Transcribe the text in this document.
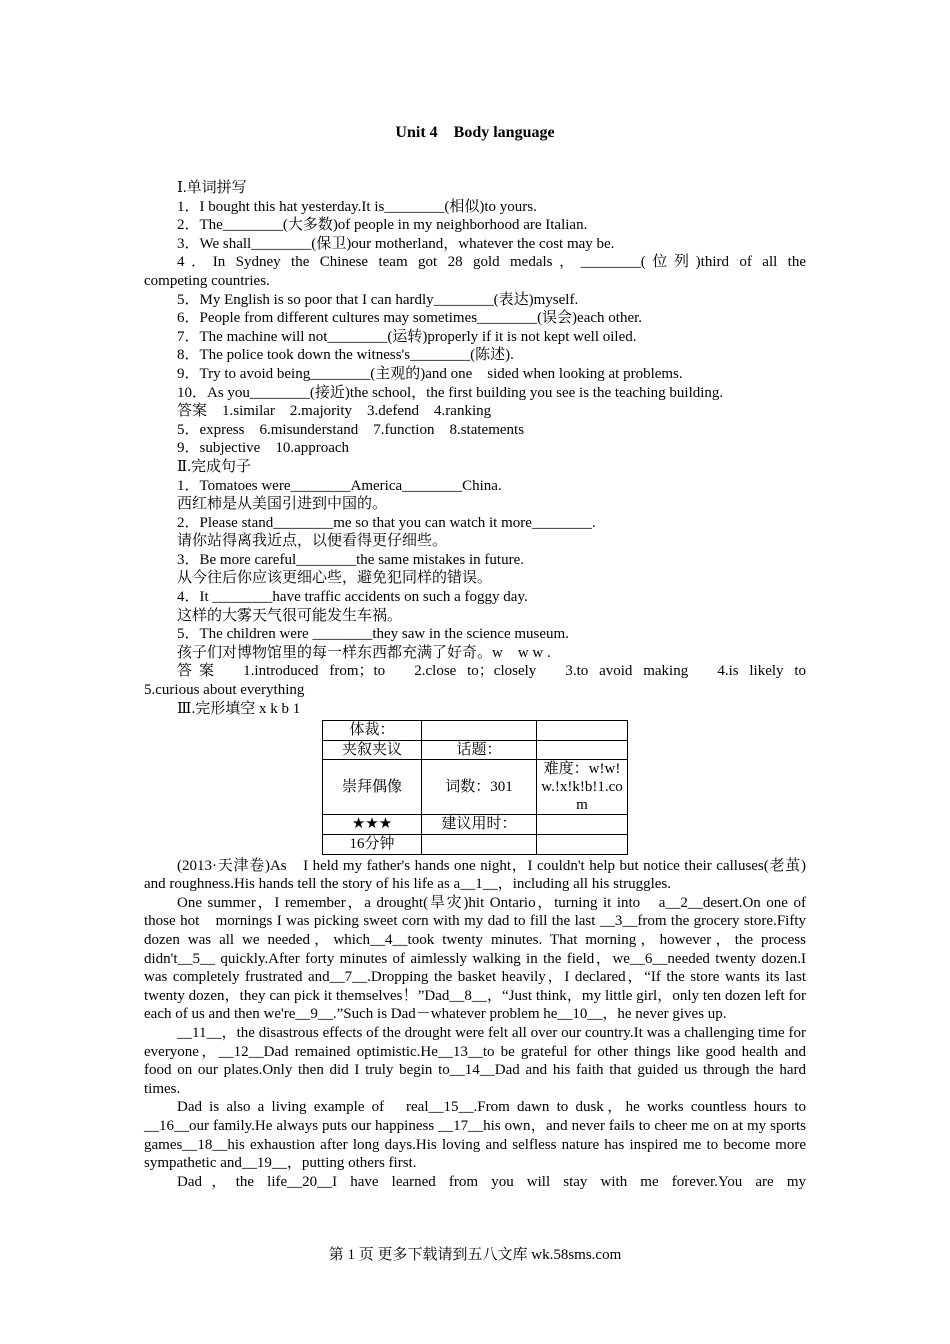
Unit 4　Body language
Ⅰ.单词拼写
1．I bought this hat yesterday.It is________(相似)to yours.
2．The________(大多数)of people in my neighborhood are Italian.
3．We shall________(保卫)our motherland，whatever the cost may be.
4．In Sydney the Chinese team got 28 gold medals，________(位列)third of all the
competing countries.
5．My English is so poor that I can hardly________(表达)myself.
6．People from different cultures may sometimes________(误会)each other.
7．The machine will not________(运转)properly if it is not kept well oiled.
8．The police took down the witness's________(陈述).
9．Try to avoid being________(主观的)and one　sided when looking at problems.
10．As you________(接近)the school，the first building you see is the teaching building.
答案　1.similar　2.majority　3.defend　4.ranking
5．express　6.misunderstand　7.function　8.statements
9．subjective　10.approach
Ⅱ.完成句子
1．Tomatoes were________America________China.
西红柿是从美国引进到中国的。
2．Please stand________me so that you can watch it more________.
请你站得离我近点，以便看得更仔细些。
3．Be more careful________the same mistakes in future.
从今往后你应该更细心些，避免犯同样的错误。
4．It ________have traffic accidents on such a foggy day.
这样的大雾天气很可能发生车祸。
5．The children were ________they saw in the science museum.
孩子们对博物馆里的每一样东西都充满了好奇。w　w w .
答案　1.introduced from；to　2.close to；closely　3.to avoid making　4.is likely to
5.curious about everything
Ⅲ.完形填空 x k b 1
体裁：		
夹叙夹议	话题：	
崇拜偶像	词数：301	难度：w!w!w.!x!k!b!1.com
★★★	建议用时：	
16分钟		
(2013·天津卷)As　I held my father's hands one night，I couldn't help but notice their calluses(老茧) and roughness.His hands tell the story of his life as a__1__，including all his struggles.
One summer，I remember，a drought(旱灾)hit Ontario，turning it into　a__2__desert.On one of those hot　mornings I was picking sweet corn with my dad to fill the last __3__from the grocery store.Fifty dozen was all we needed，which__4__took twenty minutes. That morning，however，the process didn't__5__ quickly.After forty minutes of aimlessly walking in the field，we__6__needed twenty dozen.I was completely frustrated and__7__.Dropping the basket heavily，I declared，“If the store wants its last twenty dozen，they can pick it themselves！”Dad__8__，“Just think，my little girl，only ten dozen left for each of us and then we're__9__.”Such is Dad－whatever problem he__10__，he never gives up.
__11__，the disastrous effects of the drought were felt all over our country.It was a challenging time for everyone，__12__Dad remained optimistic.He__13__to be grateful for other things like good health and food on our plates.Only then did I truly begin to__14__Dad and his faith that guided us through the hard times.
Dad is also a living example of　real__15__.From dawn to dusk，he works countless hours to __16__our family.He always puts our happiness __17__his own，and never fails to cheer me on at my sports games__18__his exhaustion after long days.His loving and selfless nature has inspired me to become more sympathetic and__19__，putting others first.
Dad，the life__20__I have learned from you will stay with me forever.You are my
第 1 页 更多下载请到五八文库 wk.58sms.com
